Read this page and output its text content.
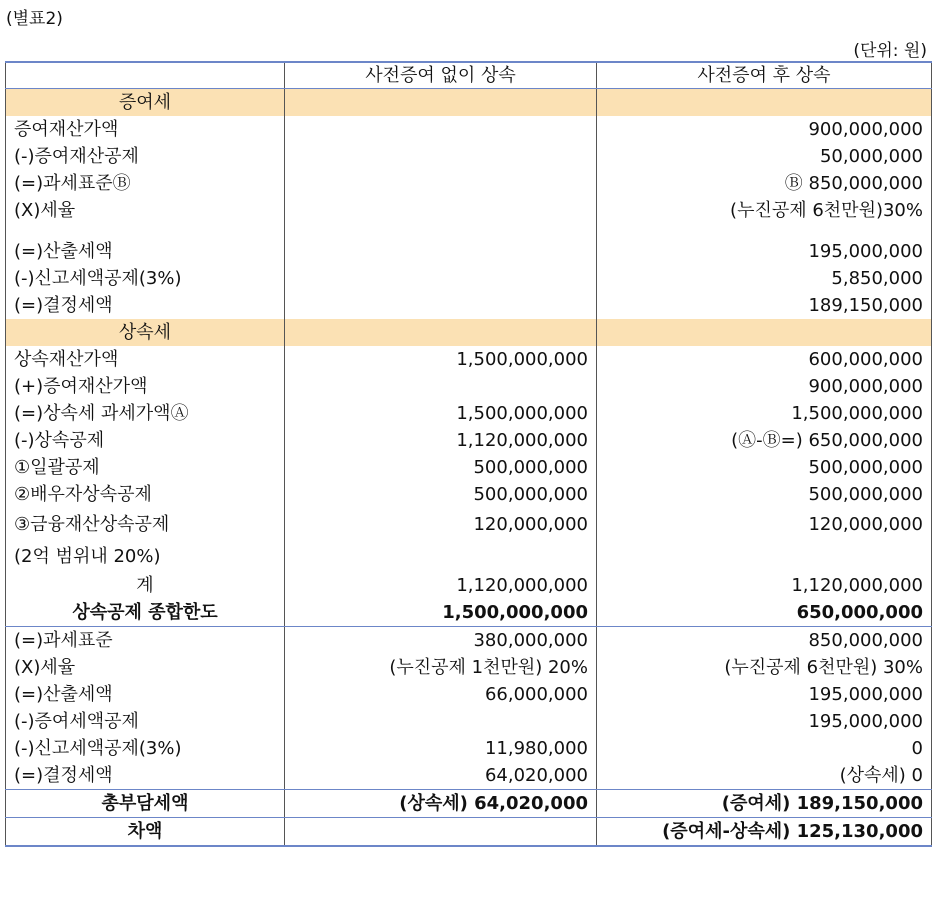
(별표2)
(단위: 원)
	사전증여 없이 상속	사전증여 후 상속
증여세		
증여재산가액		900,000,000
(-)증여재산공제		50,000,000
(=)과세표준Ⓑ		Ⓑ 850,000,000
(X)세율		(누진공제 6천만원)30%
(=)산출세액		195,000,000
(-)신고세액공제(3%)		5,850,000
(=)결정세액		189,150,000
상속세		
상속재산가액	1,500,000,000	600,000,000
(+)증여재산가액		900,000,000
(=)상속세 과세가액Ⓐ	1,500,000,000	1,500,000,000
(-)상속공제	1,120,000,000	(Ⓐ-Ⓑ=) 650,000,000
①일괄공제	500,000,000	500,000,000
②배우자상속공제	500,000,000	500,000,000
③금융재산상속공제	120,000,000	120,000,000
(2억 범위내 20%)		
계	1,120,000,000	1,120,000,000
상속공제 종합한도	1,500,000,000	650,000,000
(=)과세표준	380,000,000	850,000,000
(X)세율	(누진공제 1천만원) 20%	(누진공제 6천만원) 30%
(=)산출세액	66,000,000	195,000,000
(-)증여세액공제		195,000,000
(-)신고세액공제(3%)	11,980,000	0
(=)결정세액	64,020,000	(상속세) 0
총부담세액	(상속세) 64,020,000	(증여세) 189,150,000
차액		(증여세-상속세) 125,130,000
